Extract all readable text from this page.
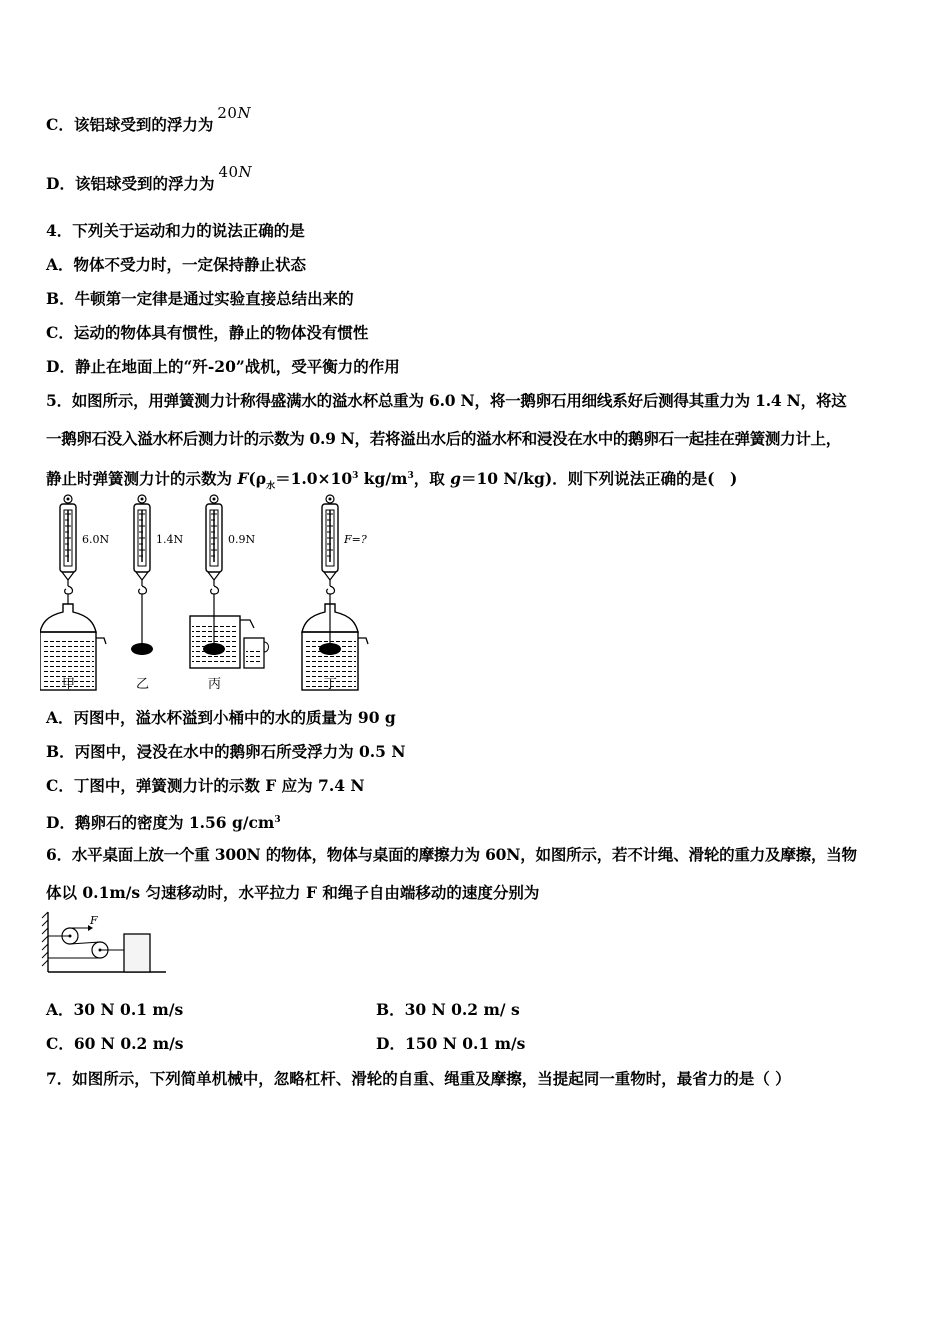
C．该铝球受到的浮力为20N
D．该铝球受到的浮力为40N
4．下列关于运动和力的说法正确的是
A．物体不受力时，一定保持静止状态
B．牛顿第一定律是通过实验直接总结出来的
C．运动的物体具有惯性，静止的物体没有惯性
D．静止在地面上的“歼-20”战机，受平衡力的作用
5．如图所示，用弹簧测力计称得盛满水的溢水杯总重为 6.0 N，将一鹅卵石用细线系好后测得其重力为 1.4 N，将这
一鹅卵石没入溢水杯后测力计的示数为 0.9 N，若将溢出水后的溢水杯和浸没在水中的鹅卵石一起挂在弹簧测力计上，
静止时弹簧测力计的示数为 $F(\rho_水=1.0\times 10^3$ $kg/m^3$，取 g＝10 N/kg)．则下列说法正确的是(　)
6.0N	1.4N	0.9N	F=?
甲	乙	丙	丁
A．丙图中，溢水杯溢到小桶中的水的质量为 90 g
B．丙图中，浸没在水中的鹅卵石所受浮力为 0.5 N
C．丁图中，弹簧测力计的示数 F 应为 7.4 N
D．鹅卵石的密度为 1.56 $g/cm^3$
6．水平桌面上放一个重 300N 的物体，物体与桌面的摩擦力为 60N，如图所示，若不计绳、滑轮的重力及摩擦，当物
体以 0.1m/s 匀速移动时，水平拉力 F 和绳子自由端移动的速度分别为
F
A．30 N 0.1 m/s	B．30 N 0.2 m/ s
C．60 N 0.2 m/s	D．150 N 0.1 m/s
7．如图所示，下列简单机械中，忽略杠杆、滑轮的自重、绳重及摩擦，当提起同一重物时，最省力的是（ ）
